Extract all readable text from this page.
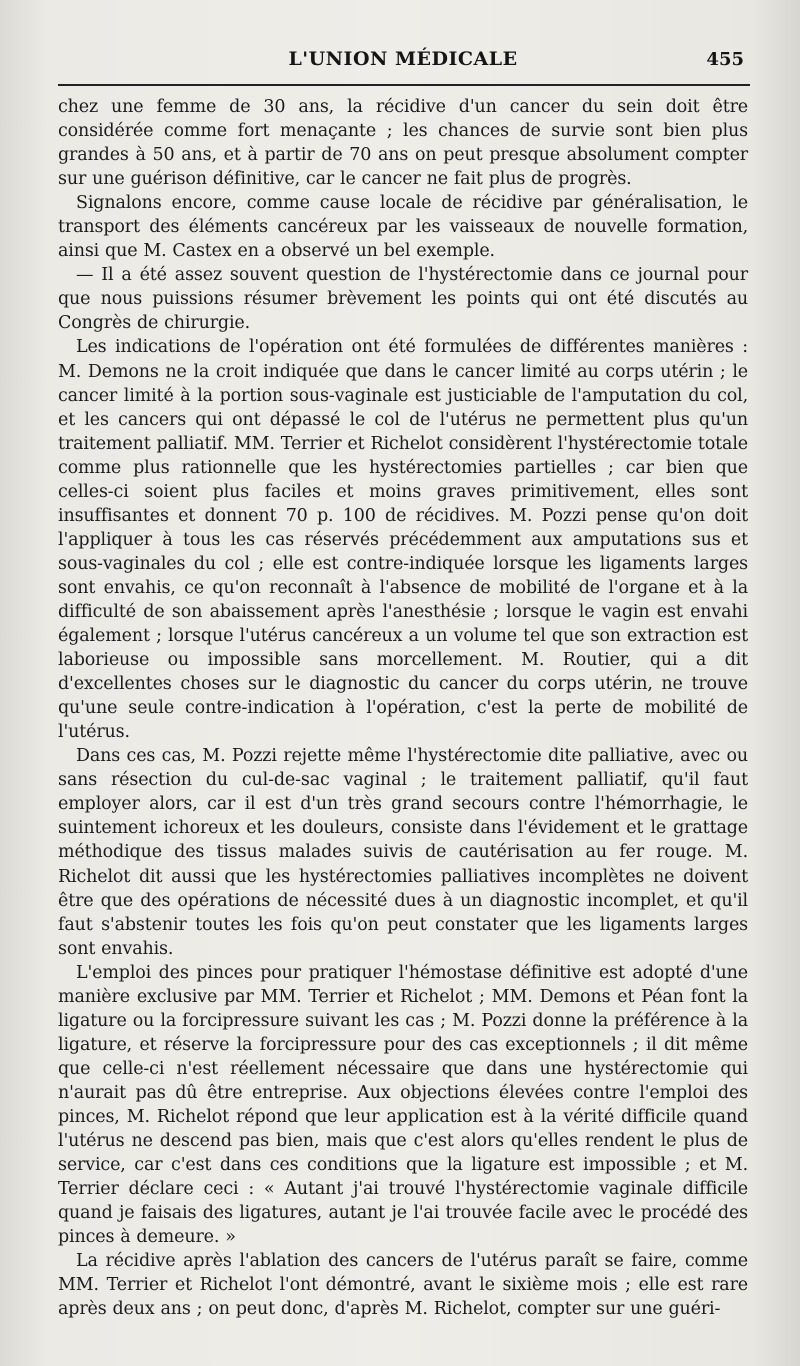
L'UNION MÉDICALE	455

chez une femme de 30 ans, la récidive d'un cancer du sein doit être considérée comme fort menaçante ; les chances de survie sont bien plus grandes à 50 ans, et à partir de 70 ans on peut presque absolument compter sur une guérison définitive, car le cancer ne fait plus de progrès.

Signalons encore, comme cause locale de récidive par généralisation, le transport des éléments cancéreux par les vaisseaux de nouvelle formation, ainsi que M. Castex en a observé un bel exemple.

— Il a été assez souvent question de l'hystérectomie dans ce journal pour que nous puissions résumer brèvement les points qui ont été discutés au Congrès de chirurgie.

Les indications de l'opération ont été formulées de différentes manières : M. Demons ne la croit indiquée que dans le cancer limité au corps utérin ; le cancer limité à la portion sous-vaginale est justiciable de l'amputation du col, et les cancers qui ont dépassé le col de l'utérus ne permettent plus qu'un traitement palliatif. MM. Terrier et Richelot considèrent l'hystérectomie totale comme plus rationnelle que les hystérectomies partielles ; car bien que celles-ci soient plus faciles et moins graves primitivement, elles sont insuffisantes et donnent 70 p. 100 de récidives. M. Pozzi pense qu'on doit l'appliquer à tous les cas réservés précédemment aux amputations sus et sous-vaginales du col ; elle est contre-indiquée lorsque les ligaments larges sont envahis, ce qu'on reconnaît à l'absence de mobilité de l'organe et à la difficulté de son abaissement après l'anesthésie ; lorsque le vagin est envahi également ; lorsque l'utérus cancéreux a un volume tel que son extraction est laborieuse ou impossible sans morcellement. M. Routier, qui a dit d'excellentes choses sur le diagnostic du cancer du corps utérin, ne trouve qu'une seule contre-indication à l'opération, c'est la perte de mobilité de l'utérus.

Dans ces cas, M. Pozzi rejette même l'hystérectomie dite palliative, avec ou sans résection du cul-de-sac vaginal ; le traitement palliatif, qu'il faut employer alors, car il est d'un très grand secours contre l'hémorrhagie, le suintement ichoreux et les douleurs, consiste dans l'évidement et le grattage méthodique des tissus malades suivis de cautérisation au fer rouge. M. Richelot dit aussi que les hystérectomies palliatives incomplètes ne doivent être que des opérations de nécessité dues à un diagnostic incomplet, et qu'il faut s'abstenir toutes les fois qu'on peut constater que les ligaments larges sont envahis.

L'emploi des pinces pour pratiquer l'hémostase définitive est adopté d'une manière exclusive par MM. Terrier et Richelot ; MM. Demons et Péan font la ligature ou la forcipressure suivant les cas ; M. Pozzi donne la préférence à la ligature, et réserve la forcipressure pour des cas exceptionnels ; il dit même que celle-ci n'est réellement nécessaire que dans une hystérectomie qui n'aurait pas dû être entreprise. Aux objections élevées contre l'emploi des pinces, M. Richelot répond que leur application est à la vérité difficile quand l'utérus ne descend pas bien, mais que c'est alors qu'elles rendent le plus de service, car c'est dans ces conditions que la ligature est impossible ; et M. Terrier déclare ceci : « Autant j'ai trouvé l'hystérectomie vaginale difficile quand je faisais des ligatures, autant je l'ai trouvée facile avec le procédé des pinces à demeure. »

La récidive après l'ablation des cancers de l'utérus paraît se faire, comme MM. Terrier et Richelot l'ont démontré, avant le sixième mois ; elle est rare après deux ans ; on peut donc, d'après M. Richelot, compter sur une guéri-
